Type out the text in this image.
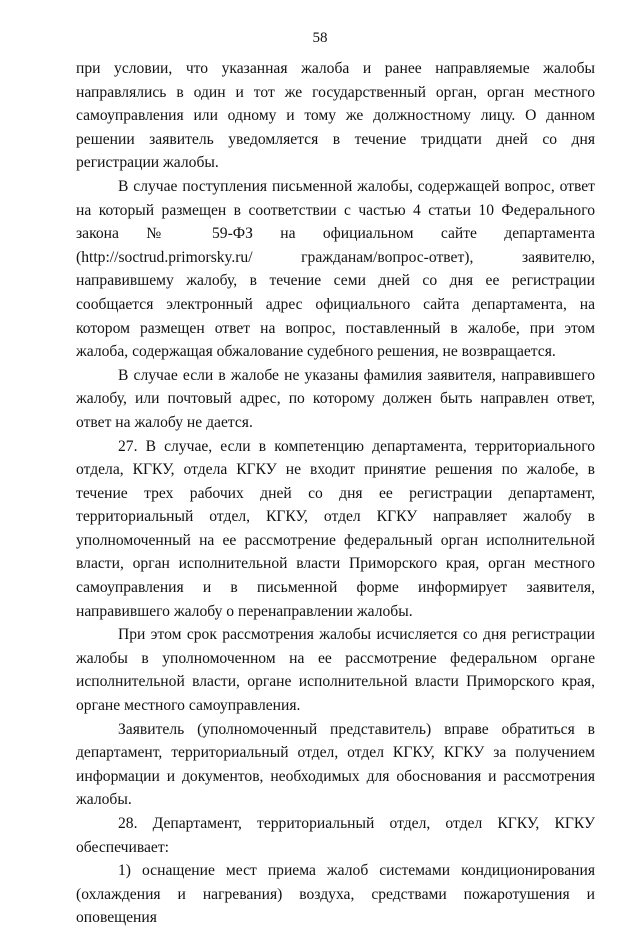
58

при условии, что указанная жалоба и ранее направляемые жалобы направлялись в один и тот же государственный орган, орган местного самоуправления или одному и тому же должностному лицу. О данном решении заявитель уведомляется в течение тридцати дней со дня регистрации жалобы.

В случае поступления письменной жалобы, содержащей вопрос, ответ на который размещен в соответствии с частью 4 статьи 10 Федерального закона № 59-ФЗ на официальном сайте департамента (http://soctrud.primorsky.ru/ гражданам/вопрос-ответ), заявителю, направившему жалобу, в течение семи дней со дня ее регистрации сообщается электронный адрес официального сайта департамента, на котором размещен ответ на вопрос, поставленный в жалобе, при этом жалоба, содержащая обжалование судебного решения, не возвращается.

В случае если в жалобе не указаны фамилия заявителя, направившего жалобу, или почтовый адрес, по которому должен быть направлен ответ, ответ на жалобу не дается.

27. В случае, если в компетенцию департамента, территориального отдела, КГКУ, отдела КГКУ не входит принятие решения по жалобе, в течение трех рабочих дней со дня ее регистрации департамент, территориальный отдел, КГКУ, отдел КГКУ направляет жалобу в уполномоченный на ее рассмотрение федеральный орган исполнительной власти, орган исполнительной власти Приморского края, орган местного самоуправления и в письменной форме информирует заявителя, направившего жалобу о перенаправлении жалобы.

При этом срок рассмотрения жалобы исчисляется со дня регистрации жалобы в уполномоченном на ее рассмотрение федеральном органе исполнительной власти, органе исполнительной власти Приморского края, органе местного самоуправления.

Заявитель (уполномоченный представитель) вправе обратиться в департамент, территориальный отдел, отдел КГКУ, КГКУ за получением информации и документов, необходимых для обоснования и рассмотрения жалобы.

28. Департамент, территориальный отдел, отдел КГКУ, КГКУ обеспечивает:

1) оснащение мест приема жалоб системами кондиционирования (охлаждения и нагревания) воздуха, средствами пожаротушения и оповещения
